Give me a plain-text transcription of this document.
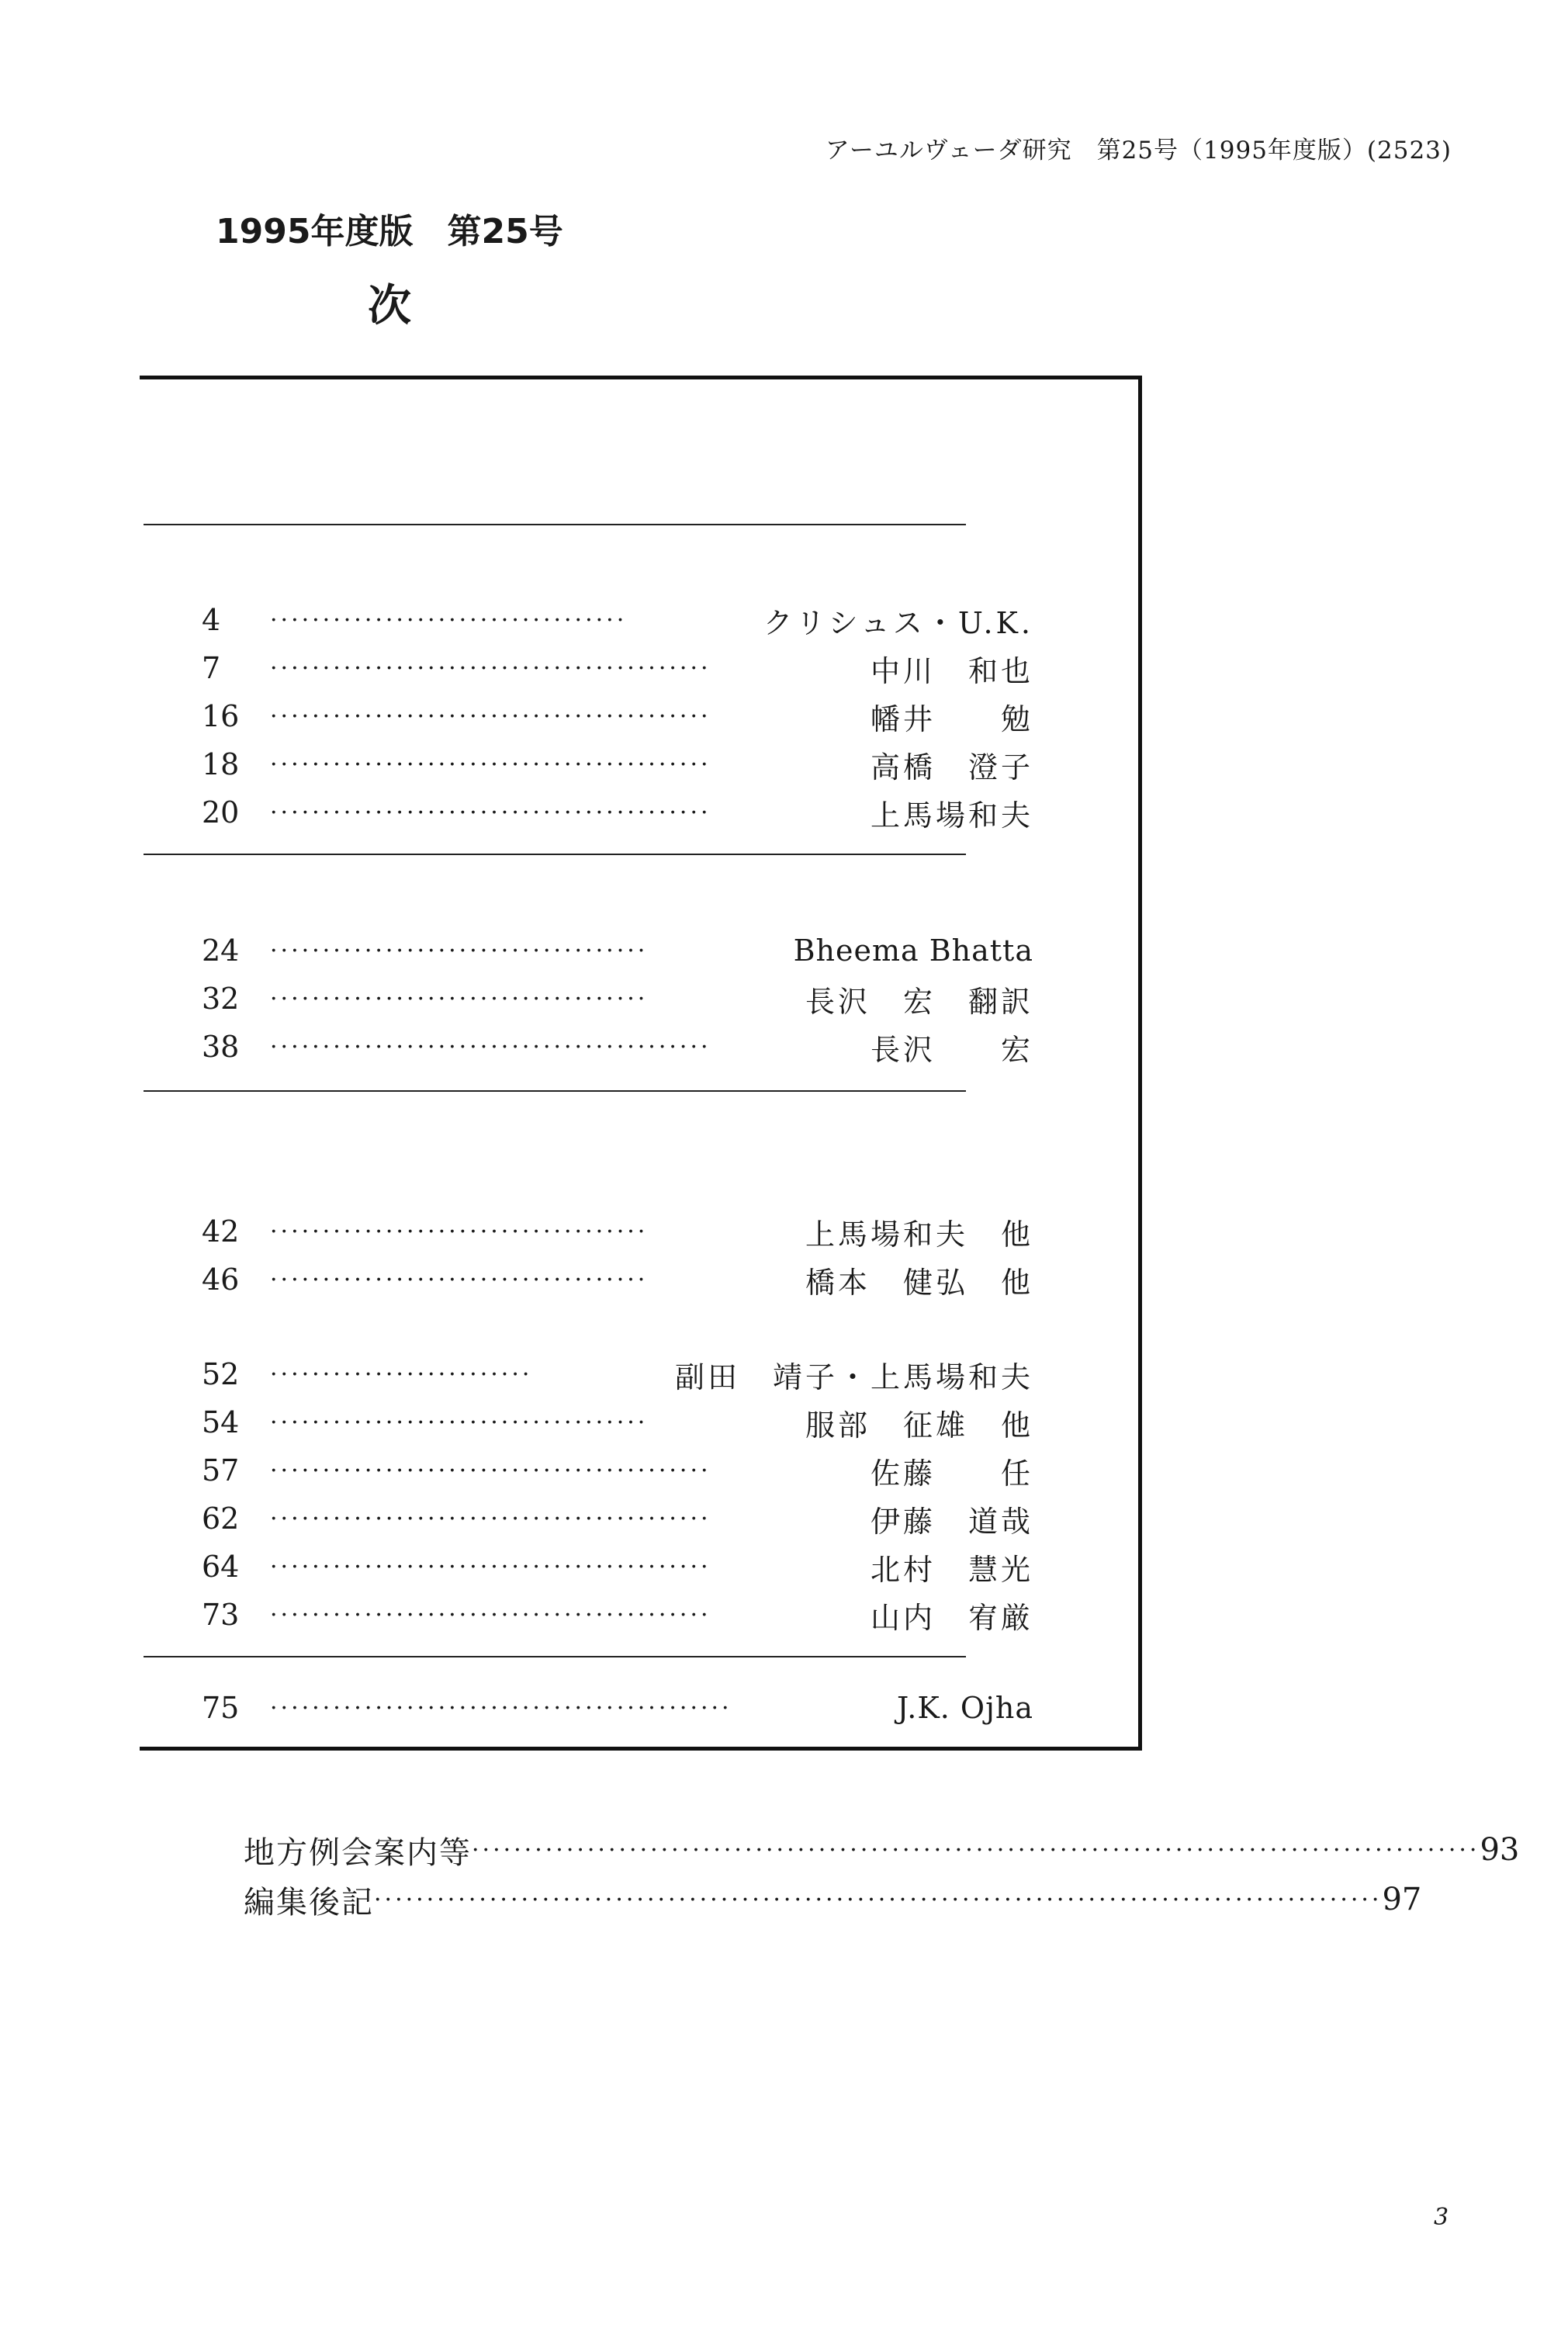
アーユルヴェーダ研究　第25号（1995年度版）(2523)
1995年度版　第25号
次
4	··································	クリシュス・U.K.
7	··········································	中川　和也
16	··········································	幡井　　勉
18	··········································	高橋　澄子
20	··········································	上馬場和夫
24	····································	Bheema Bhatta
32	····································	長沢　宏　翻訳
38	··········································	長沢　　宏
42	····································	上馬場和夫　他
46	····································	橋本　健弘　他
52	·························	副田　靖子・上馬場和夫
54	····································	服部　征雄　他
57	··········································	佐藤　　任
62	··········································	伊藤　道哉
64	··········································	北村　慧光
73	··········································	山内　宥厳
75	············································	J.K. Ojha
地方例会案内等 ································································································ 93
編集後記 ································································································ 97
3
